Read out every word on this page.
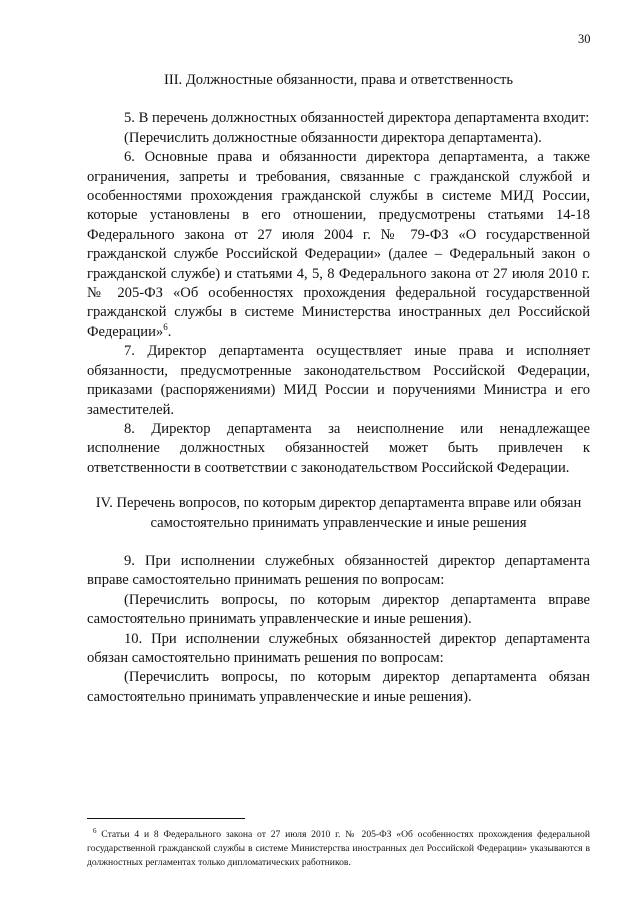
30

III. Должностные обязанности, права и ответственность

5. В перечень должностных обязанностей директора департамента входит:

(Перечислить должностные обязанности директора департамента).

6. Основные права и обязанности директора департамента, а также ограничения, запреты и требования, связанные с гражданской службой и особенностями прохождения гражданской службы в системе МИД России, которые установлены в его отношении, предусмотрены статьями 14-18 Федерального закона от 27 июля 2004 г. № 79-ФЗ «О государственной гражданской службе Российской Федерации» (далее – Федеральный закон о гражданской службе) и статьями 4, 5, 8 Федерального закона от 27 июля 2010 г. № 205-ФЗ «Об особенностях прохождения федеральной государственной гражданской службы в системе Министерства иностранных дел Российской Федерации»$^6$.

7. Директор департамента осуществляет иные права и исполняет обязанности, предусмотренные законодательством Российской Федерации, приказами (распоряжениями) МИД России и поручениями Министра и его заместителей.

8. Директор департамента за неисполнение или ненадлежащее исполнение должностных обязанностей может быть привлечен к ответственности в соответствии с законодательством Российской Федерации.

IV. Перечень вопросов, по которым директор департамента вправе или обязан самостоятельно принимать управленческие и иные решения

9. При исполнении служебных обязанностей директор департамента вправе самостоятельно принимать решения по вопросам:

(Перечислить вопросы, по которым директор департамента вправе самостоятельно принимать управленческие и иные решения).

10. При исполнении служебных обязанностей директор департамента обязан самостоятельно принимать решения по вопросам:

(Перечислить вопросы, по которым директор департамента обязан самостоятельно принимать управленческие и иные решения).

$^6$ Статьи 4 и 8 Федерального закона от 27 июля 2010 г. № 205-ФЗ «Об особенностях прохождения федеральной государственной гражданской службы в системе Министерства иностранных дел Российской Федерации» указываются в должностных регламентах только дипломатических работников.
